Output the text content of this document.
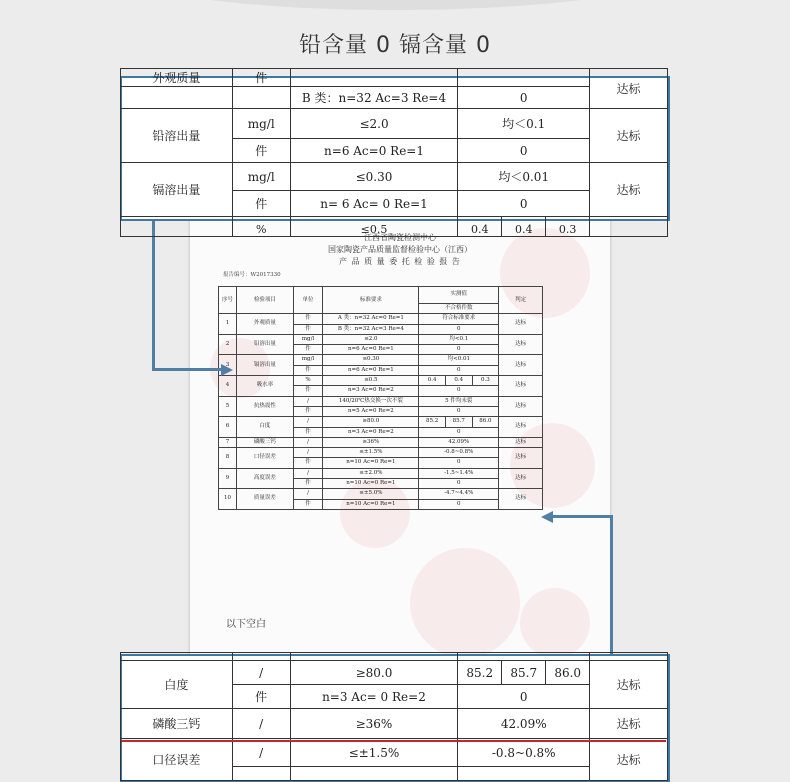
铅含量 0 镉含量 0
江西省陶瓷检测中心
国家陶瓷产品质量监督检验中心（江西）
产 品 质 量 委 托 检 验 报 告
报告编号：W2017330
序号	检验项目	单位	标准要求	实测值			判定
				不合格件数			
1	外观质量	件	A 类：n=32 Ac=0 Re=1	符合标准要求			达标
		件	B 类：n=32 Ac=3 Re=4	0			
2	铅溶出量	mg/l	≤2.0	均<0.1			达标
		件	n=6 Ac=0 Re=1	0			
3	镉溶出量	mg/l	≤0.30	均<0.01			达标
		件	n=6 Ac=0 Re=1	0			
4	吸水率	%	≤0.5	0.4	0.4	0.3	达标
		件	n=3 Ac=0 Re=2	0			
5	抗热震性	/	140/20℃热交换一次不裂	5 件均未裂			达标
		件	n=5 Ac=0 Re=2	0			
6	白度	/	≥80.0	85.2	85.7	86.0	达标
		件	n=3 Ac=0 Re=2	0			
7	磷酸三钙	/	≥36%	42.09%			达标
8	口径误差	/	≤±1.5%	-0.8~0.8%			达标
		件	n=10 Ac=0 Re=1	0			
9	高度误差	/	≤±2.0%	-1.5~1.4%			达标
		件	n=10 Ac=0 Re=1	0			
10	质量误差	/	≤±5.0%	-4.7~4.4%			达标
		件	n=10 Ac=0 Re=1	0			
以下空白
外观质量	件					达标
		B 类：n=32 Ac=3 Re=4	0			
铅溶出量	mg/l	≤2.0	均＜0.1			达标
	件	n=6 Ac=0 Re=1	0			
镉溶出量	mg/l	≤0.30	均＜0.01			达标
	件	n= 6 Ac= 0 Re=1	0			
	%	≤0.5	0.4	0.4	0.3	

白度	/	≥80.0	85.2	85.7	86.0	达标
	件	n=3 Ac= 0 Re=2	0			
磷酸三钙	/	≥36%	42.09%			达标
口径误差	/	≤±1.5%	-0.8~0.8%			达标
